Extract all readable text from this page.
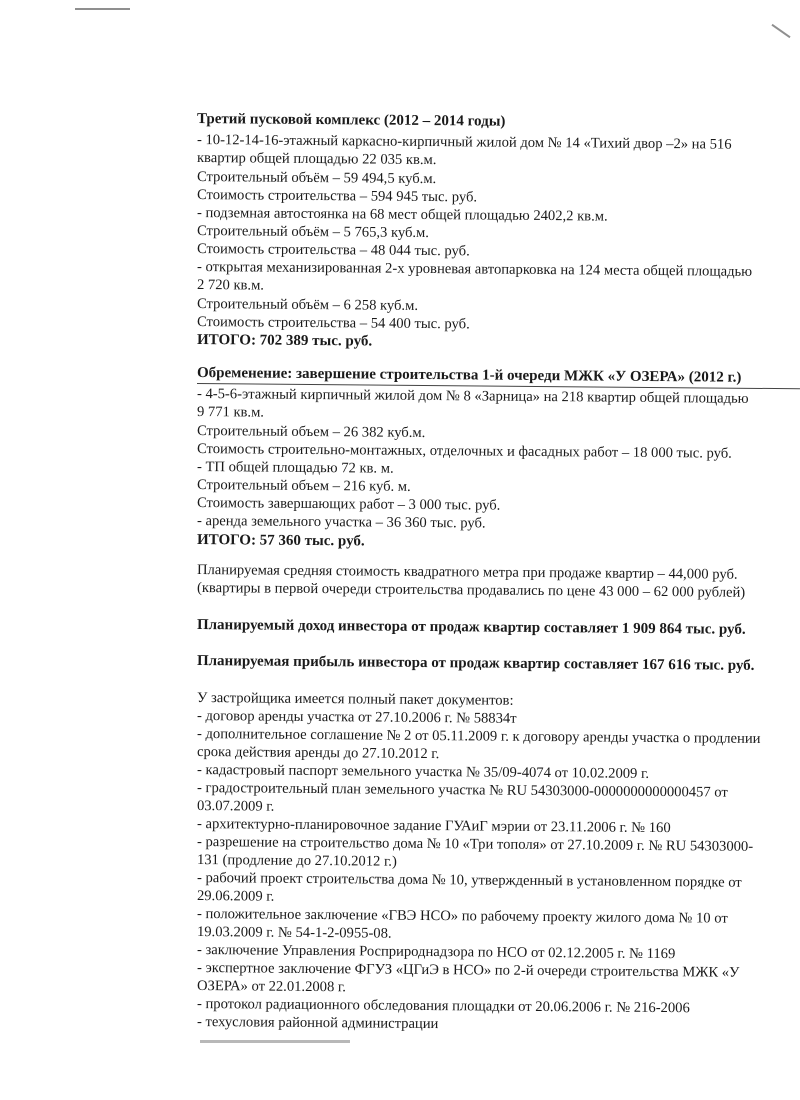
Третий пусковой комплекс (2012 – 2014 годы)
- 10-12-14-16-этажный каркасно-кирпичный жилой дом № 14 «Тихий двор –2» на 516
квартир общей площадью 22 035 кв.м.
Строительный объём – 59 494,5 куб.м.
Стоимость строительства – 594 945 тыс. руб.
- подземная автостоянка на 68 мест общей площадью 2402,2 кв.м.
Строительный объём – 5 765,3 куб.м.
Стоимость строительства – 48 044 тыс. руб.
- открытая механизированная 2-х уровневая автопарковка на 124 места общей площадью
2 720 кв.м.
Строительный объём – 6 258 куб.м.
Стоимость строительства – 54 400 тыс. руб.
ИТОГО: 702 389 тыс. руб.
Обременение: завершение строительства 1-й очереди МЖК «У ОЗЕРА» (2012 г.)
- 4-5-6-этажный кирпичный жилой дом № 8 «Зарница» на 218 квартир общей площадью
9 771 кв.м.
Строительный объем – 26 382 куб.м.
Стоимость строительно-монтажных, отделочных и фасадных работ – 18 000 тыс. руб.
- ТП общей площадью 72 кв. м.
Строительный объем – 216 куб. м.
Стоимость завершающих работ – 3 000 тыс. руб.
- аренда земельного участка – 36 360 тыс. руб.
ИТОГО: 57 360 тыс. руб.
Планируемая средняя стоимость квадратного метра при продаже квартир – 44,000 руб.
(квартиры в первой очереди строительства продавались по цене 43 000 – 62 000 рублей)
Планируемый доход инвестора от продаж квартир составляет 1 909 864 тыс. руб.
Планируемая прибыль инвестора от продаж квартир составляет 167 616 тыс. руб.
У застройщика имеется полный пакет документов:
- договор аренды участка от 27.10.2006 г. № 58834т
- дополнительное соглашение № 2 от 05.11.2009 г. к договору аренды участка о продлении
срока действия аренды до 27.10.2012 г.
- кадастровый паспорт земельного участка № 35/09-4074 от 10.02.2009 г.
- градостроительный план земельного участка № RU 54303000-0000000000000457 от
03.07.2009 г.
- архитектурно-планировочное задание ГУАиГ мэрии от 23.11.2006 г. № 160
- разрешение на строительство дома № 10 «Три тополя» от 27.10.2009 г. № RU 54303000-
131 (продление до 27.10.2012 г.)
- рабочий проект строительства дома № 10, утвержденный в установленном порядке от
29.06.2009 г.
- положительное заключение «ГВЭ НСО» по рабочему проекту жилого дома № 10 от
19.03.2009 г. № 54-1-2-0955-08.
- заключение Управления Росприроднадзора по НСО от 02.12.2005 г. № 1169
- экспертное заключение ФГУЗ «ЦГиЭ в НСО» по 2-й очереди строительства МЖК «У
ОЗЕРА» от 22.01.2008 г.
- протокол радиационного обследования площадки от 20.06.2006 г. № 216-2006
- техусловия районной администрации
